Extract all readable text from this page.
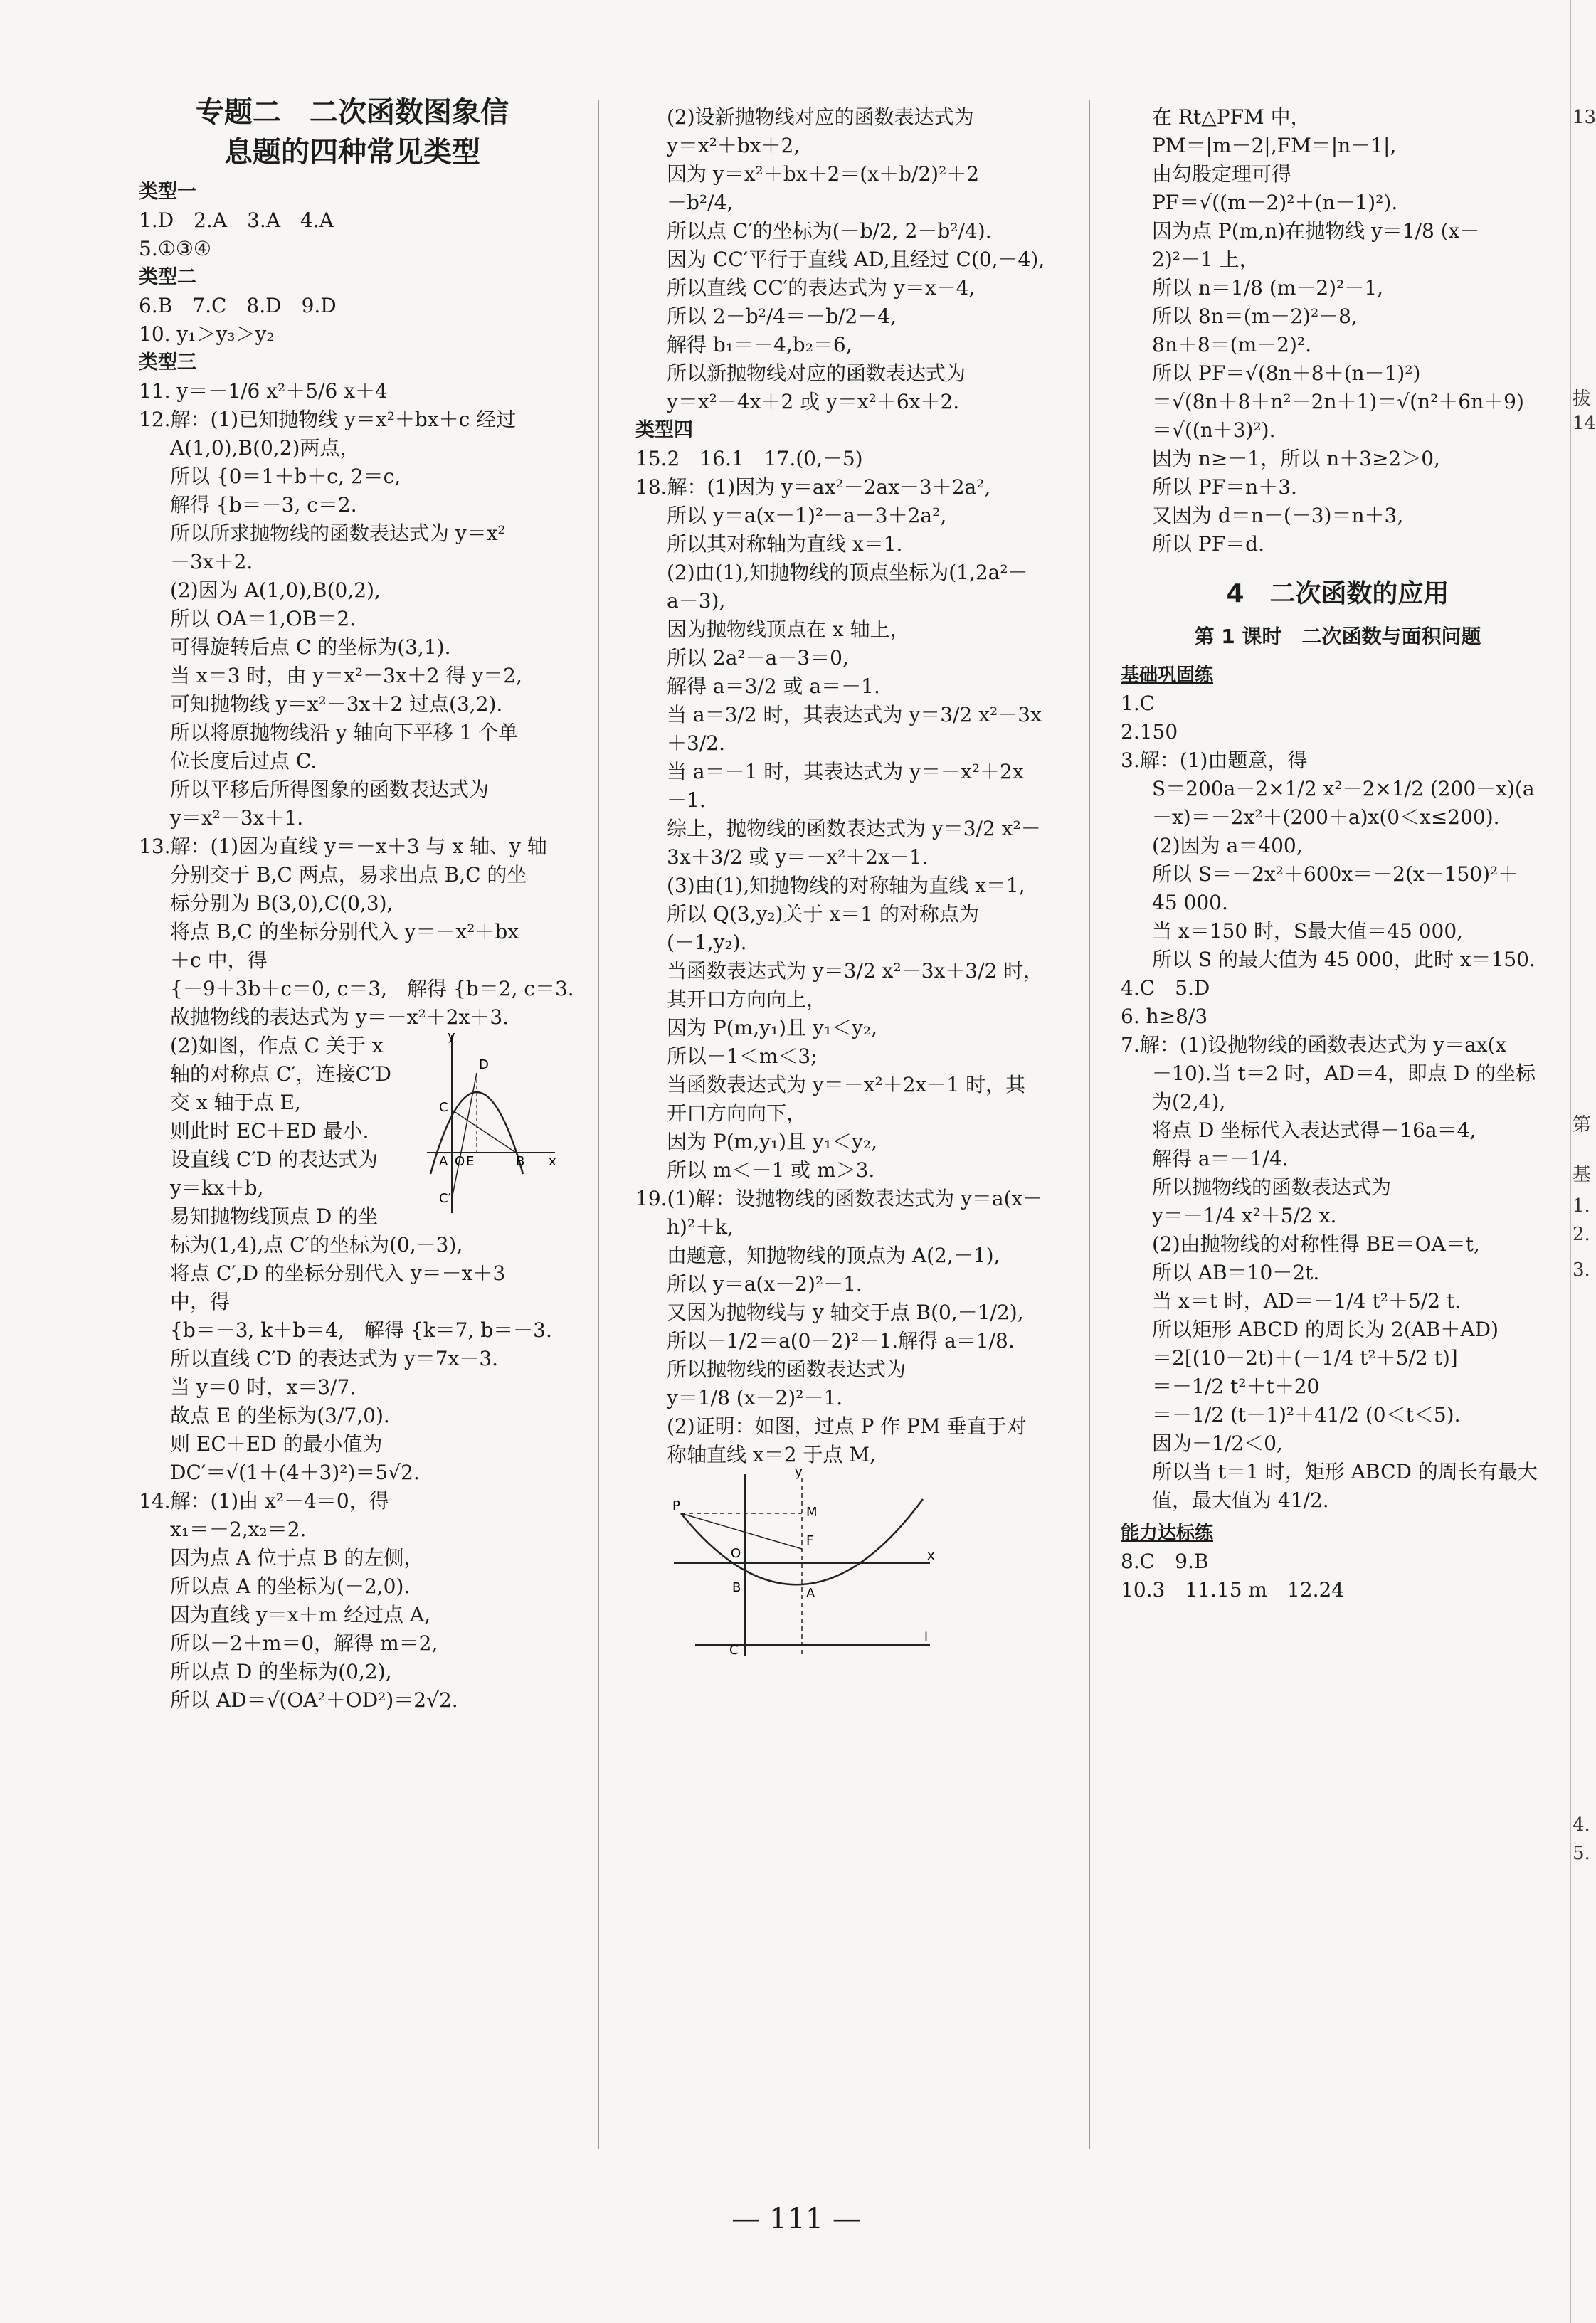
专题二　二次函数图象信
息题的四种常见类型
类型一
1.D　2.A　3.A　4.A
5.①③④
类型二
6.B　7.C　8.D　9.D
10. y₁＞y₃＞y₂
类型三
11. y＝－1/6 x²＋5/6 x＋4
12.解：(1)已知抛物线 y＝x²＋bx＋c 经过
A(1,0),B(0,2)两点，
所以 {0＝1＋b＋c, 2＝c,
解得 {b＝－3, c＝2.
所以所求抛物线的函数表达式为 y＝x²
－3x＋2.
(2)因为 A(1,0),B(0,2),
所以 OA＝1,OB＝2.
可得旋转后点 C 的坐标为(3,1).
当 x＝3 时，由 y＝x²－3x＋2 得 y＝2,
可知抛物线 y＝x²－3x＋2 过点(3,2).
所以将原抛物线沿 y 轴向下平移 1 个单
位长度后过点 C.
所以平移后所得图象的函数表达式为
y＝x²－3x＋1.
13.解：(1)因为直线 y＝－x＋3 与 x 轴、y 轴
分别交于 B,C 两点，易求出点 B,C 的坐
标分别为 B(3,0),C(0,3),
将点 B,C 的坐标分别代入 y＝－x²＋bx
＋c 中，得
{－9＋3b＋c＝0, c＝3,　解得 {b＝2, c＝3.
故抛物线的表达式为 y＝－x²＋2x＋3.
(2)如图，作点 C 关于 x
轴的对称点 C′，连接C′D
交 x 轴于点 E,
则此时 EC＋ED 最小.
设直线 C′D 的表达式为
y＝kx＋b,
易知抛物线顶点 D 的坐
标为(1,4),点 C′的坐标为(0,－3),
将点 C′,D 的坐标分别代入 y＝－x＋3
中，得
{b＝－3, k＋b＝4,　解得 {k＝7, b＝－3.
所以直线 C′D 的表达式为 y＝7x－3.
当 y＝0 时，x＝3/7.
故点 E 的坐标为(3/7,0).
则 EC＋ED 的最小值为
DC′＝√(1＋(4＋3)²)＝5√2.
14.解：(1)由 x²－4＝0，得
x₁＝－2,x₂＝2.
因为点 A 位于点 B 的左侧，
所以点 A 的坐标为(－2,0).
因为直线 y＝x＋m 经过点 A,
所以－2＋m＝0，解得 m＝2,
所以点 D 的坐标为(0,2),
所以 AD＝√(OA²＋OD²)＝2√2.
y
D
C
A O E	B x
C′
(2)设新抛物线对应的函数表达式为
y＝x²＋bx＋2,
因为 y＝x²＋bx＋2＝(x＋b/2)²＋2
－b²/4,
所以点 C′的坐标为(－b/2, 2－b²/4).
因为 CC′平行于直线 AD,且经过 C(0,－4),
所以直线 CC′的表达式为 y＝x－4,
所以 2－b²/4＝－b/2－4,
解得 b₁＝－4,b₂＝6,
所以新抛物线对应的函数表达式为
y＝x²－4x＋2 或 y＝x²＋6x＋2.
类型四
15.2　16.1　17.(0,－5)
18.解：(1)因为 y＝ax²－2ax－3＋2a²,
所以 y＝a(x－1)²－a－3＋2a²,
所以其对称轴为直线 x＝1.
(2)由(1),知抛物线的顶点坐标为(1,2a²－
a－3),
因为抛物线顶点在 x 轴上，
所以 2a²－a－3＝0,
解得 a＝3/2 或 a＝－1.
当 a＝3/2 时，其表达式为 y＝3/2 x²－3x
＋3/2.
当 a＝－1 时，其表达式为 y＝－x²＋2x
－1.
综上，抛物线的函数表达式为 y＝3/2 x²－
3x＋3/2 或 y＝－x²＋2x－1.
(3)由(1),知抛物线的对称轴为直线 x＝1,
所以 Q(3,y₂)关于 x＝1 的对称点为
(－1,y₂).
当函数表达式为 y＝3/2 x²－3x＋3/2 时，
其开口方向向上，
因为 P(m,y₁)且 y₁＜y₂,
所以－1＜m＜3;
当函数表达式为 y＝－x²＋2x－1 时，其
开口方向向下，
因为 P(m,y₁)且 y₁＜y₂,
所以 m＜－1 或 m＞3.
19.(1)解：设抛物线的函数表达式为 y＝a(x－
h)²＋k,
由题意，知抛物线的顶点为 A(2,－1),
所以 y＝a(x－2)²－1.
又因为抛物线与 y 轴交于点 B(0,－1/2),
所以－1/2＝a(0－2)²－1.解得 a＝1/8.
所以抛物线的函数表达式为
y＝1/8 (x－2)²－1.
(2)证明：如图，过点 P 作 PM 垂直于对
称轴直线 x＝2 于点 M,
y
P	M
F
O
B	A
x
C
l
在 Rt△PFM 中，
PM＝|m－2|,FM＝|n－1|,
由勾股定理可得
PF＝√((m－2)²＋(n－1)²).
因为点 P(m,n)在抛物线 y＝1/8 (x－
2)²－1 上，
所以 n＝1/8 (m－2)²－1,
所以 8n＝(m－2)²－8,
8n＋8＝(m－2)².
所以 PF＝√(8n＋8＋(n－1)²)
＝√(8n＋8＋n²－2n＋1)＝√(n²＋6n＋9)
＝√((n＋3)²).
因为 n≥－1，所以 n＋3≥2＞0,
所以 PF＝n＋3.
又因为 d＝n－(－3)＝n＋3,
所以 PF＝d.
4　二次函数的应用
第 1 课时　二次函数与面积问题
基础巩固练
1.C
2.150
3.解：(1)由题意，得
S＝200a－2×1/2 x²－2×1/2 (200－x)(a
－x)＝－2x²＋(200＋a)x(0＜x≤200).
(2)因为 a＝400,
所以 S＝－2x²＋600x＝－2(x－150)²＋
45 000.
当 x＝150 时，S最大值＝45 000,
所以 S 的最大值为 45 000，此时 x＝150.
4.C　5.D
6. h≥8/3
7.解：(1)设抛物线的函数表达式为 y＝ax(x
－10).当 t＝2 时，AD＝4，即点 D 的坐标
为(2,4),
将点 D 坐标代入表达式得－16a＝4,
解得 a＝－1/4.
所以抛物线的函数表达式为
y＝－1/4 x²＋5/2 x.
(2)由抛物线的对称性得 BE＝OA＝t,
所以 AB＝10－2t.
当 x＝t 时，AD＝－1/4 t²＋5/2 t.
所以矩形 ABCD 的周长为 2(AB＋AD)
＝2[(10－2t)＋(－1/4 t²＋5/2 t)]
＝－1/2 t²＋t＋20
＝－1/2 (t－1)²＋41/2 (0＜t＜5).
因为－1/2＜0,
所以当 t＝1 时，矩形 ABCD 的周长有最大
值，最大值为 41/2.
能力达标练
8.C　9.B
10.3　11.15 m　12.24
— 111 —
13
拔
14
第
基
1.
2.
3.
4.
5.
